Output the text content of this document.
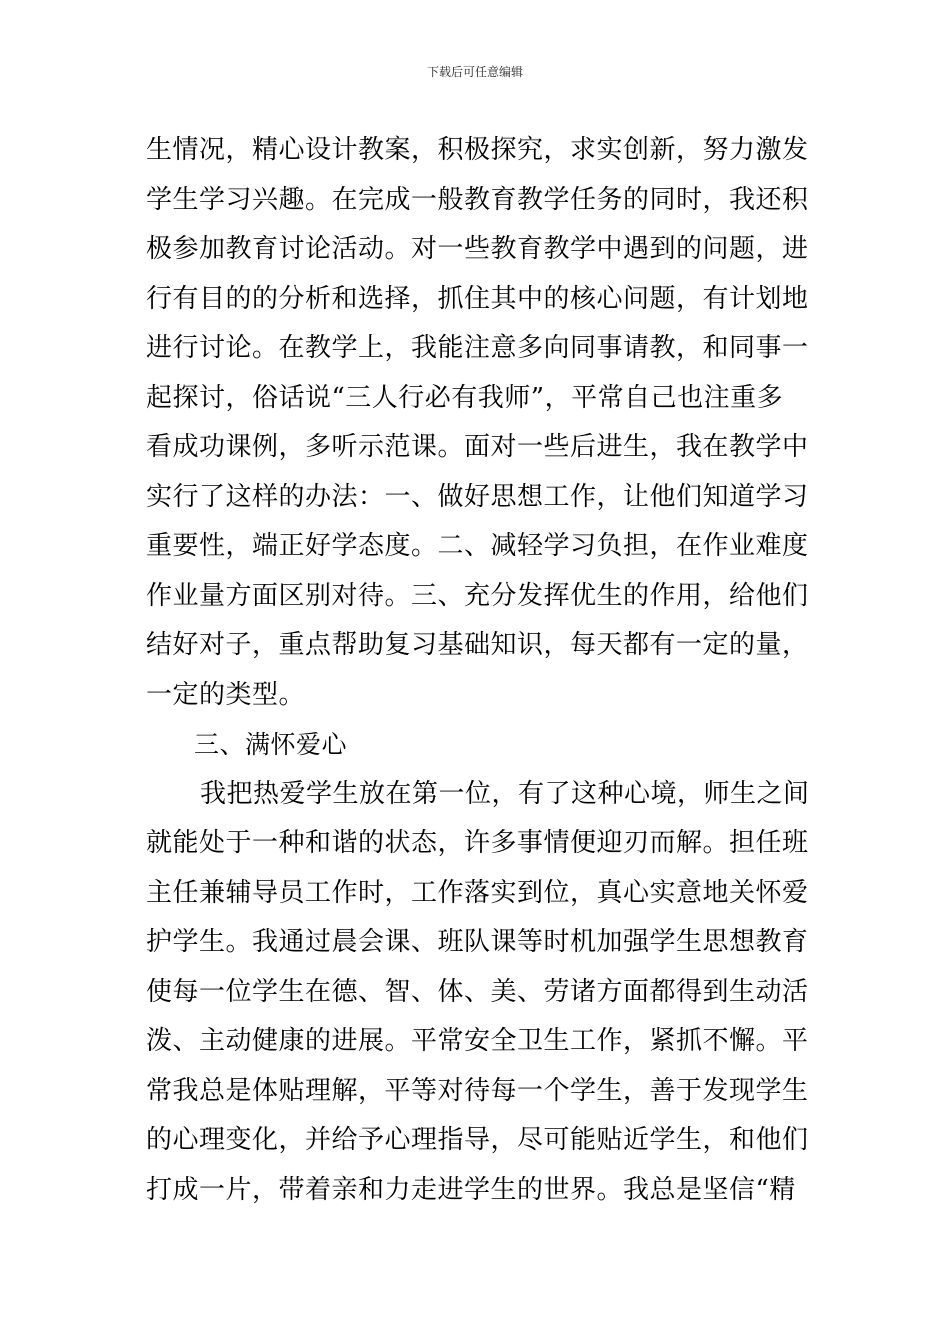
下载后可任意编辑
生情况，精心设计教案，积极探究，求实创新，努力激发
学生学习兴趣。在完成一般教育教学任务的同时，我还积
极参加教育讨论活动。对一些教育教学中遇到的问题，进
行有目的的分析和选择，抓住其中的核心问题，有计划地
进行讨论。在教学上，我能注意多向同事请教，和同事一
起探讨，俗话说“三人行必有我师”，平常自己也注重多
看成功课例，多听示范课。面对一些后进生，我在教学中
实行了这样的办法：一、做好思想工作，让他们知道学习
重要性，端正好学态度。二、减轻学习负担，在作业难度
作业量方面区别对待。三、充分发挥优生的作用，给他们
结好对子，重点帮助复习基础知识，每天都有一定的量，
一定的类型。
三、满怀爱心
我把热爱学生放在第一位，有了这种心境，师生之间
就能处于一种和谐的状态，许多事情便迎刃而解。担任班
主任兼辅导员工作时，工作落实到位，真心实意地关怀爱
护学生。我通过晨会课、班队课等时机加强学生思想教育
使每一位学生在德、智、体、美、劳诸方面都得到生动活
泼、主动健康的进展。平常安全卫生工作，紧抓不懈。平
常我总是体贴理解，平等对待每一个学生，善于发现学生
的心理变化，并给予心理指导，尽可能贴近学生，和他们
打成一片，带着亲和力走进学生的世界。我总是坚信“精
